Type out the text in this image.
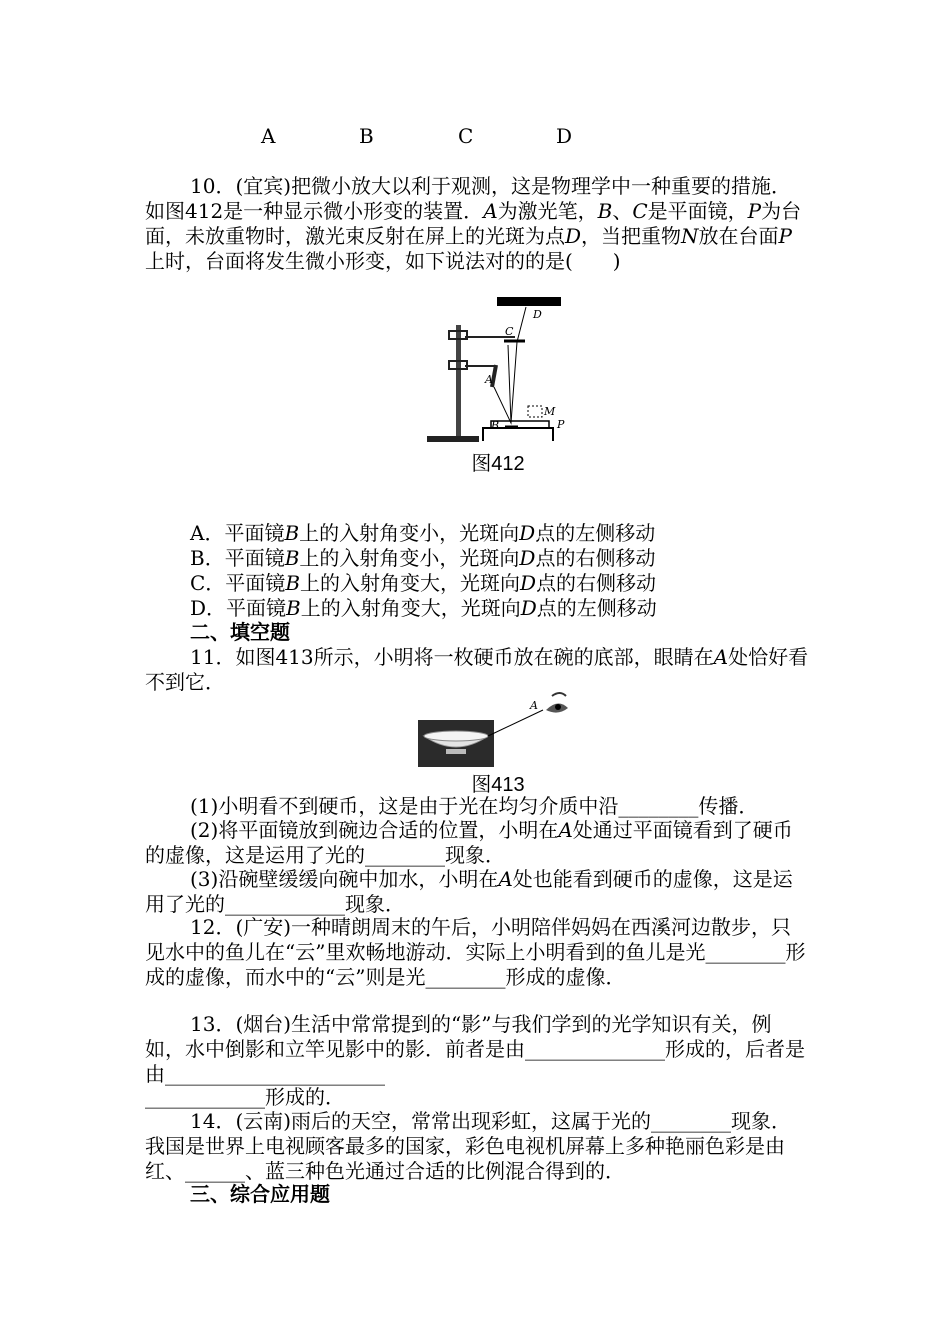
A	B	C	D
10．(宜宾)把微小放大以利于观测，这是物理学中一种重要的措施．如图412是一种显示微小形变的装置．A为激光笔，B、C是平面镜，P为台面，未放重物时，激光束反射在屏上的光斑为点D，当把重物N放在台面P上时，台面将发生微小形变，如下说法对的的是(　　)
D
C
A
B
M
P
图412
A．平面镜B上的入射角变小，光斑向D点的左侧移动
B．平面镜B上的入射角变小，光斑向D点的右侧移动
C．平面镜B上的入射角变大，光斑向D点的右侧移动
D．平面镜B上的入射角变大，光斑向D点的左侧移动
二、填空题
11．如图413所示，小明将一枚硬币放在碗的底部，眼睛在A处恰好看不到它．
A
图413
(1)小明看不到硬币，这是由于光在均匀介质中沿________传播．
(2)将平面镜放到碗边合适的位置，小明在A处通过平面镜看到了硬币的虚像，这是运用了光的________现象．
(3)沿碗壁缓缓向碗中加水，小明在A处也能看到硬币的虚像，这是运用了光的____________现象．
12．(广安)一种晴朗周末的午后，小明陪伴妈妈在西溪河边散步，只见水中的鱼儿在“云”里欢畅地游动．实际上小明看到的鱼儿是光________形成的虚像，而水中的“云”则是光________形成的虚像．
13．(烟台)生活中常常提到的“影”与我们学到的光学知识有关，例如，水中倒影和立竿见影中的影．前者是由______________形成的，后者是由______________________
____________形成的．
14．(云南)雨后的天空，常常出现彩虹，这属于光的________现象．我国是世界上电视顾客最多的国家，彩色电视机屏幕上多种艳丽色彩是由红、______、蓝三种色光通过合适的比例混合得到的．
三、综合应用题
